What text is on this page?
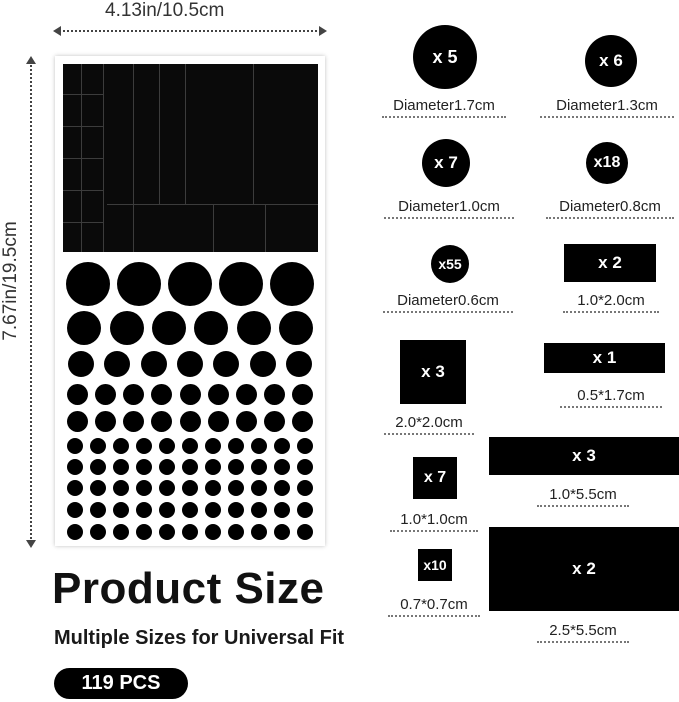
4.13in/10.5cm
7.67in/19.5cm
x 5
Diameter1.7cm
x 6
Diameter1.3cm
x 7
Diameter1.0cm
x18
Diameter0.8cm
x55
Diameter0.6cm
x 2
1.0*2.0cm
x 3
2.0*2.0cm
x 1
0.5*1.7cm
x 3
1.0*5.5cm
x 7
1.0*1.0cm
x10
0.7*0.7cm
x 2
2.5*5.5cm
Product Size
Multiple Sizes for Universal Fit
119 PCS
